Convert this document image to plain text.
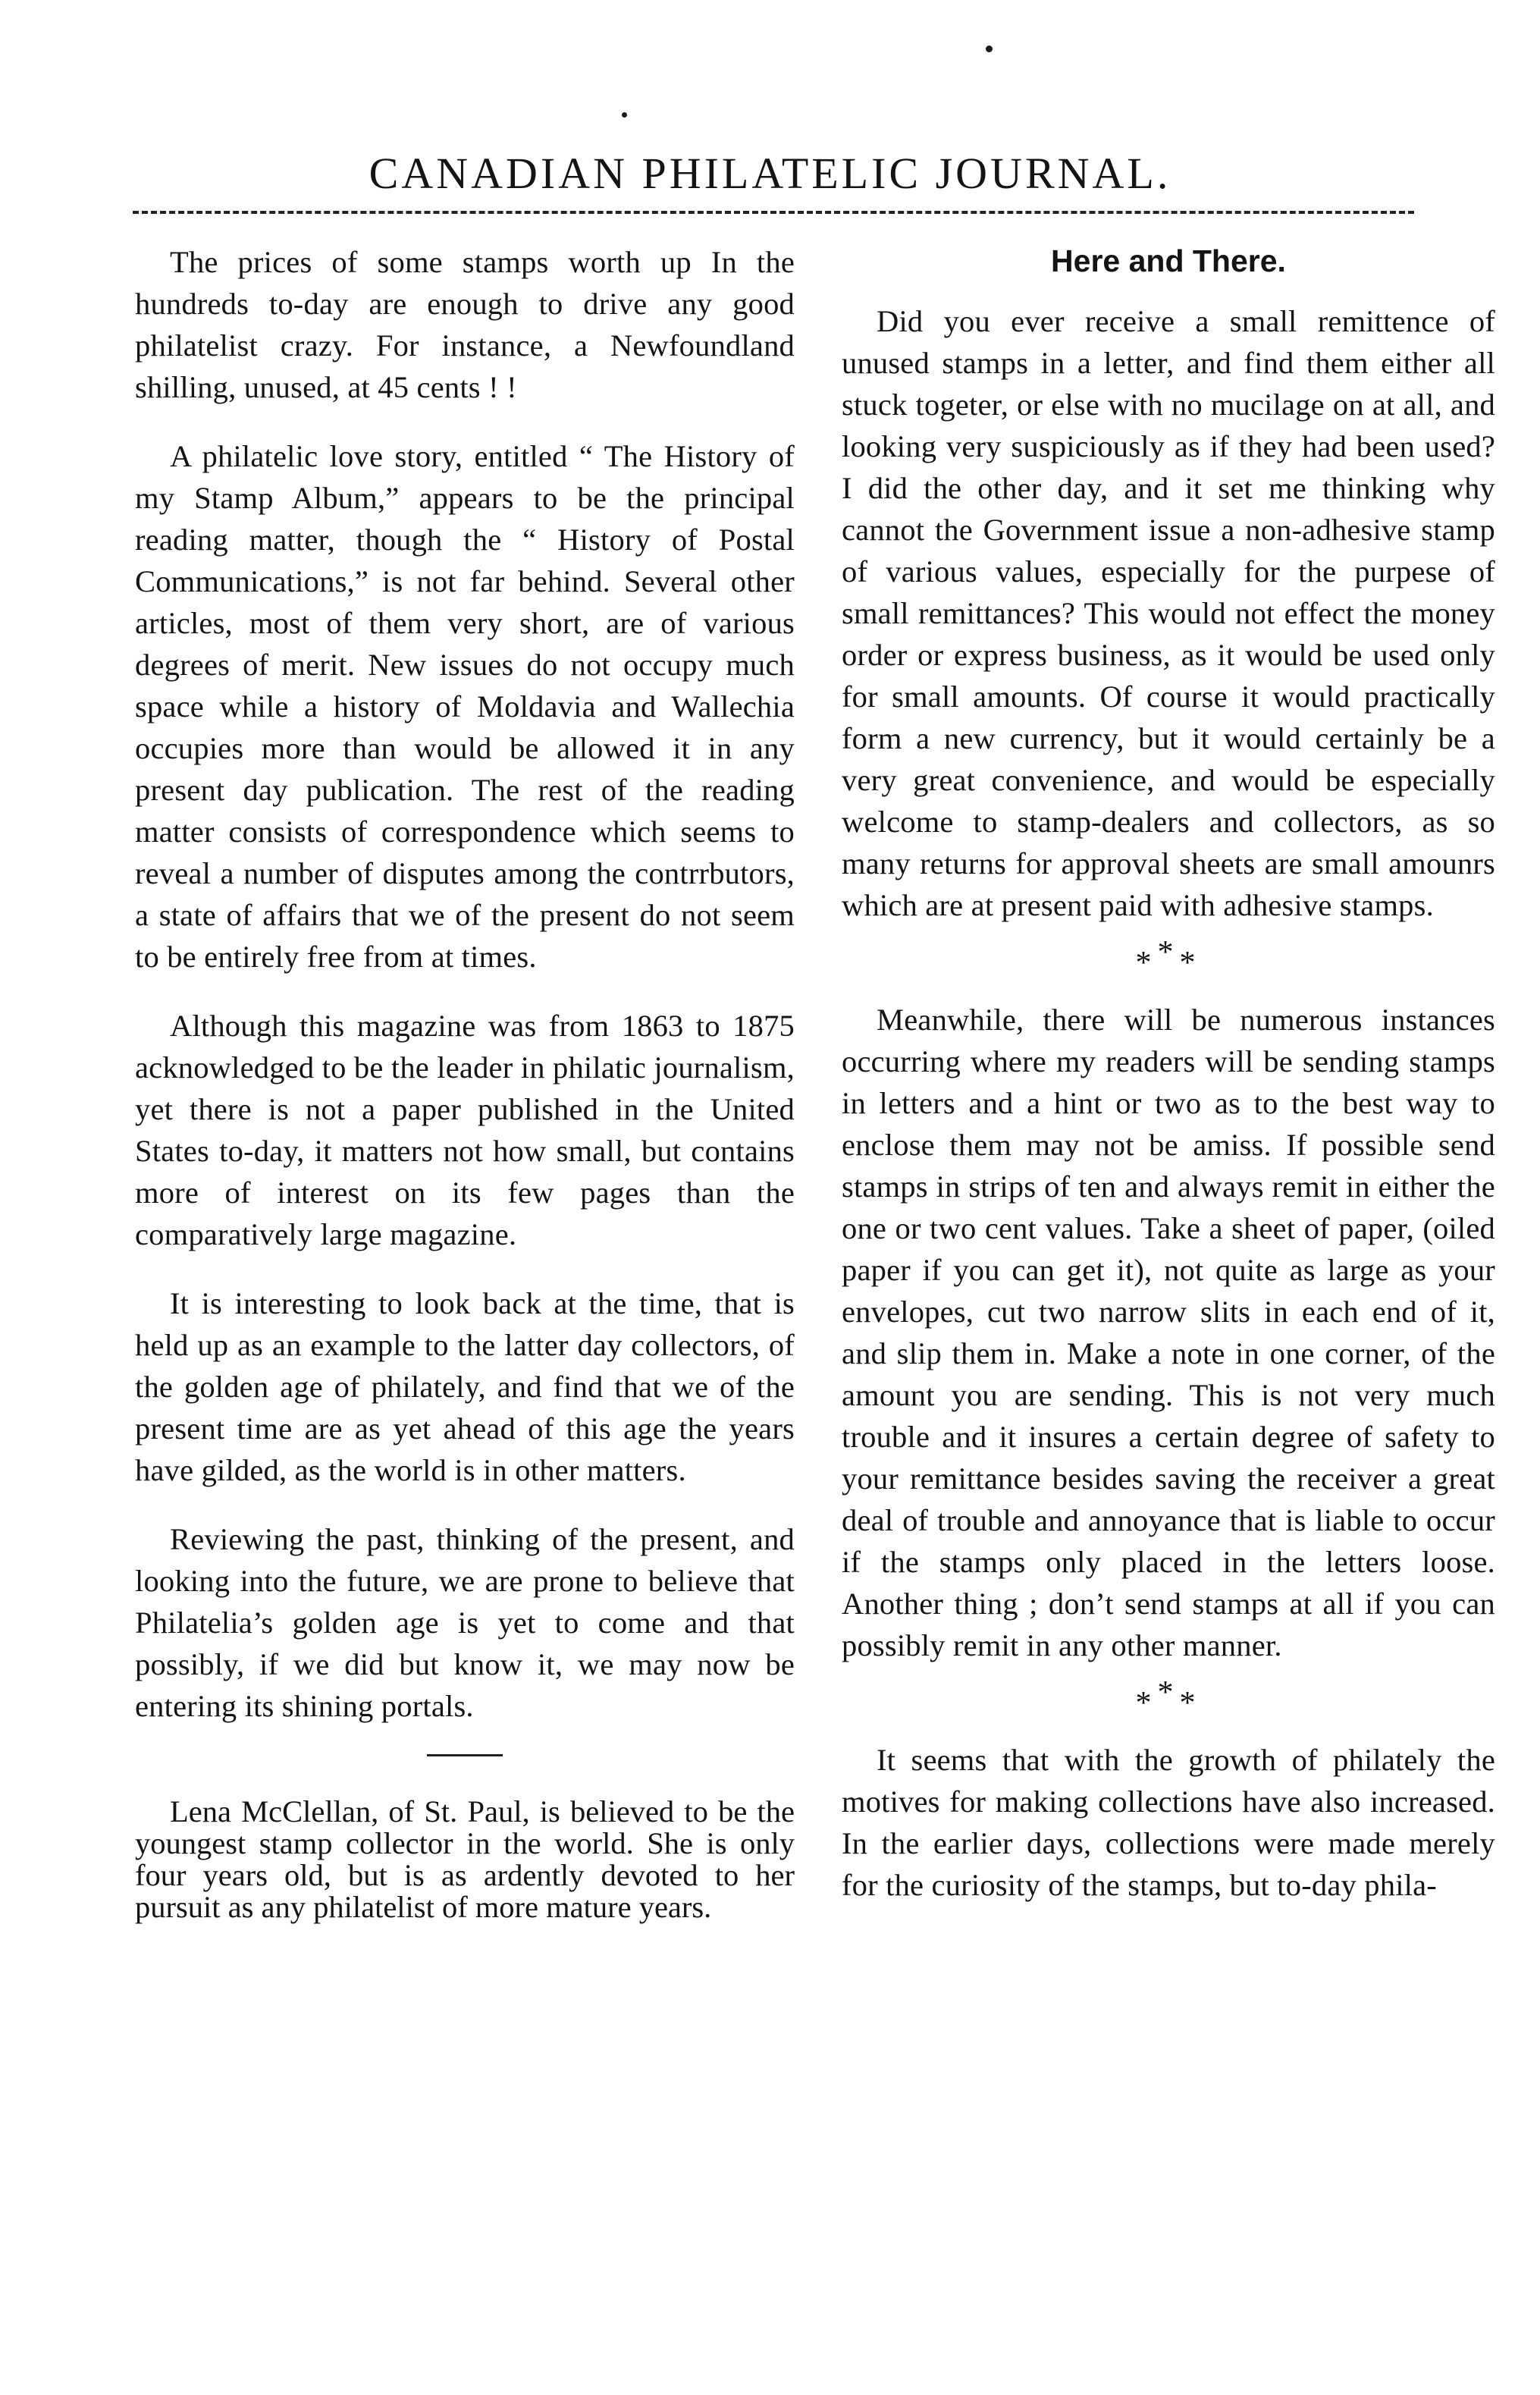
CANADIAN PHILATELIC JOURNAL.

The prices of some stamps worth up In the hundreds to-day are enough to drive any good philatelist crazy. For instance, a Newfoundland shilling, unused, at 45 cents ! !

A philatelic love story, entitled “ The History of my Stamp Album,” appears to be the principal reading matter, though the “ History of Postal Communications,” is not far behind. Several other articles, most of them very short, are of various degrees of merit. New issues do not occupy much space while a history of Moldavia and Wallechia occupies more than would be allowed it in any present day publication. The rest of the reading matter consists of correspondence which seems to reveal a number of disputes among the contrrbutors, a state of affairs that we of the present do not seem to be entirely free from at times.

Although this magazine was from 1863 to 1875 acknowledged to be the leader in philatic journalism, yet there is not a paper published in the United States to-day, it matters not how small, but contains more of interest on its few pages than the comparatively large magazine.

It is interesting to look back at the time, that is held up as an example to the latter day collectors, of the golden age of philately, and find that we of the present time are as yet ahead of this age the years have gilded, as the world is in other matters.

Reviewing the past, thinking of the present, and looking into the future, we are prone to believe that Philatelia’s golden age is yet to come and that possibly, if we did but know it, we may now be entering its shining portals.

Lena McClellan, of St. Paul, is believed to be the youngest stamp collector in the world. She is only four years old, but is as ardently devoted to her pursuit as any philatelist of more mature years.

Here and There.

Did you ever receive a small remittence of unused stamps in a letter, and find them either all stuck togeter, or else with no mucilage on at all, and looking very suspiciously as if they had been used? I did the other day, and it set me thinking why cannot the Government issue a non-adhesive stamp of various values, especially for the purpese of small remittances? This would not effect the money order or express business, as it would be used only for small amounts. Of course it would practically form a new currency, but it would certainly be a very great convenience, and would be especially welcome to stamp-dealers and collectors, as so many returns for approval sheets are small amounrs which are at present paid with adhesive stamps.

***

Meanwhile, there will be numerous instances occurring where my readers will be sending stamps in letters and a hint or two as to the best way to enclose them may not be amiss. If possible send stamps in strips of ten and always remit in either the one or two cent values. Take a sheet of paper, (oiled paper if you can get it), not quite as large as your envelopes, cut two narrow slits in each end of it, and slip them in. Make a note in one corner, of the amount you are sending. This is not very much trouble and it insures a certain degree of safety to your remittance besides saving the receiver a great deal of trouble and annoyance that is liable to occur if the stamps only placed in the letters loose. Another thing ; don’t send stamps at all if you can possibly remit in any other manner.

***

It seems that with the growth of philately the motives for making collections have also increased. In the earlier days, collections were made merely for the curiosity of the stamps, but to-day phila-
